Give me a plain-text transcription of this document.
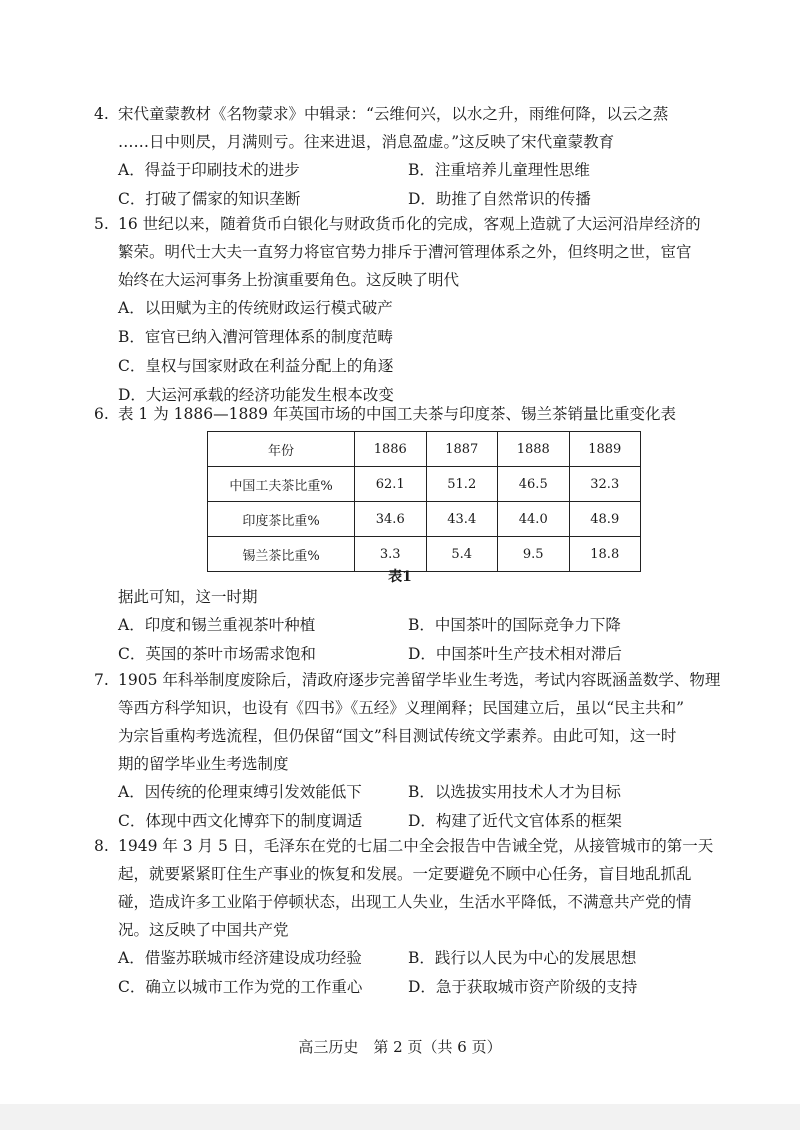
4. 宋代童蒙教材《名物蒙求》中辑录：“云维何兴，以水之升，雨维何降，以云之蒸
……日中则昃，月满则亏。往来进退，消息盈虚。”这反映了宋代童蒙教育
A．得益于印刷技术的进步	B．注重培养儿童理性思维
C．打破了儒家的知识垄断	D．助推了自然常识的传播
5. 16 世纪以来，随着货币白银化与财政货币化的完成，客观上造就了大运河沿岸经济的
繁荣。明代士大夫一直努力将宦官势力排斥于漕河管理体系之外，但终明之世，宦官
始终在大运河事务上扮演重要角色。这反映了明代
A．以田赋为主的传统财政运行模式破产
B．宦官已纳入漕河管理体系的制度范畴
C．皇权与国家财政在利益分配上的角逐
D．大运河承载的经济功能发生根本改变
6. 表 1 为 1886—1889 年英国市场的中国工夫茶与印度茶、锡兰茶销量比重变化表
年份	1886	1887	1888	1889
中国工夫茶比重%	62.1	51.2	46.5	32.3
印度茶比重%	34.6	43.4	44.0	48.9
锡兰茶比重%	3.3	5.4	9.5	18.8
表1
据此可知，这一时期
A．印度和锡兰重视茶叶种植	B．中国茶叶的国际竞争力下降
C．英国的茶叶市场需求饱和	D．中国茶叶生产技术相对滞后
7. 1905 年科举制度废除后，清政府逐步完善留学毕业生考选，考试内容既涵盖数学、物理
等西方科学知识，也设有《四书》《五经》义理阐释；民国建立后，虽以“民主共和”
为宗旨重构考选流程，但仍保留“国文”科目测试传统文学素养。由此可知，这一时
期的留学毕业生考选制度
A．因传统的伦理束缚引发效能低下	B．以选拔实用技术人才为目标
C．体现中西文化博弈下的制度调适	D．构建了近代文官体系的框架
8. 1949 年 3 月 5 日，毛泽东在党的七届二中全会报告中告诫全党，从接管城市的第一天
起，就要紧紧盯住生产事业的恢复和发展。一定要避免不顾中心任务，盲目地乱抓乱
碰，造成许多工业陷于停顿状态，出现工人失业，生活水平降低，不满意共产党的情
况。这反映了中国共产党
A．借鉴苏联城市经济建设成功经验	B．践行以人民为中心的发展思想
C．确立以城市工作为党的工作重心	D．急于获取城市资产阶级的支持
高三历史　第 2 页（共 6 页）
